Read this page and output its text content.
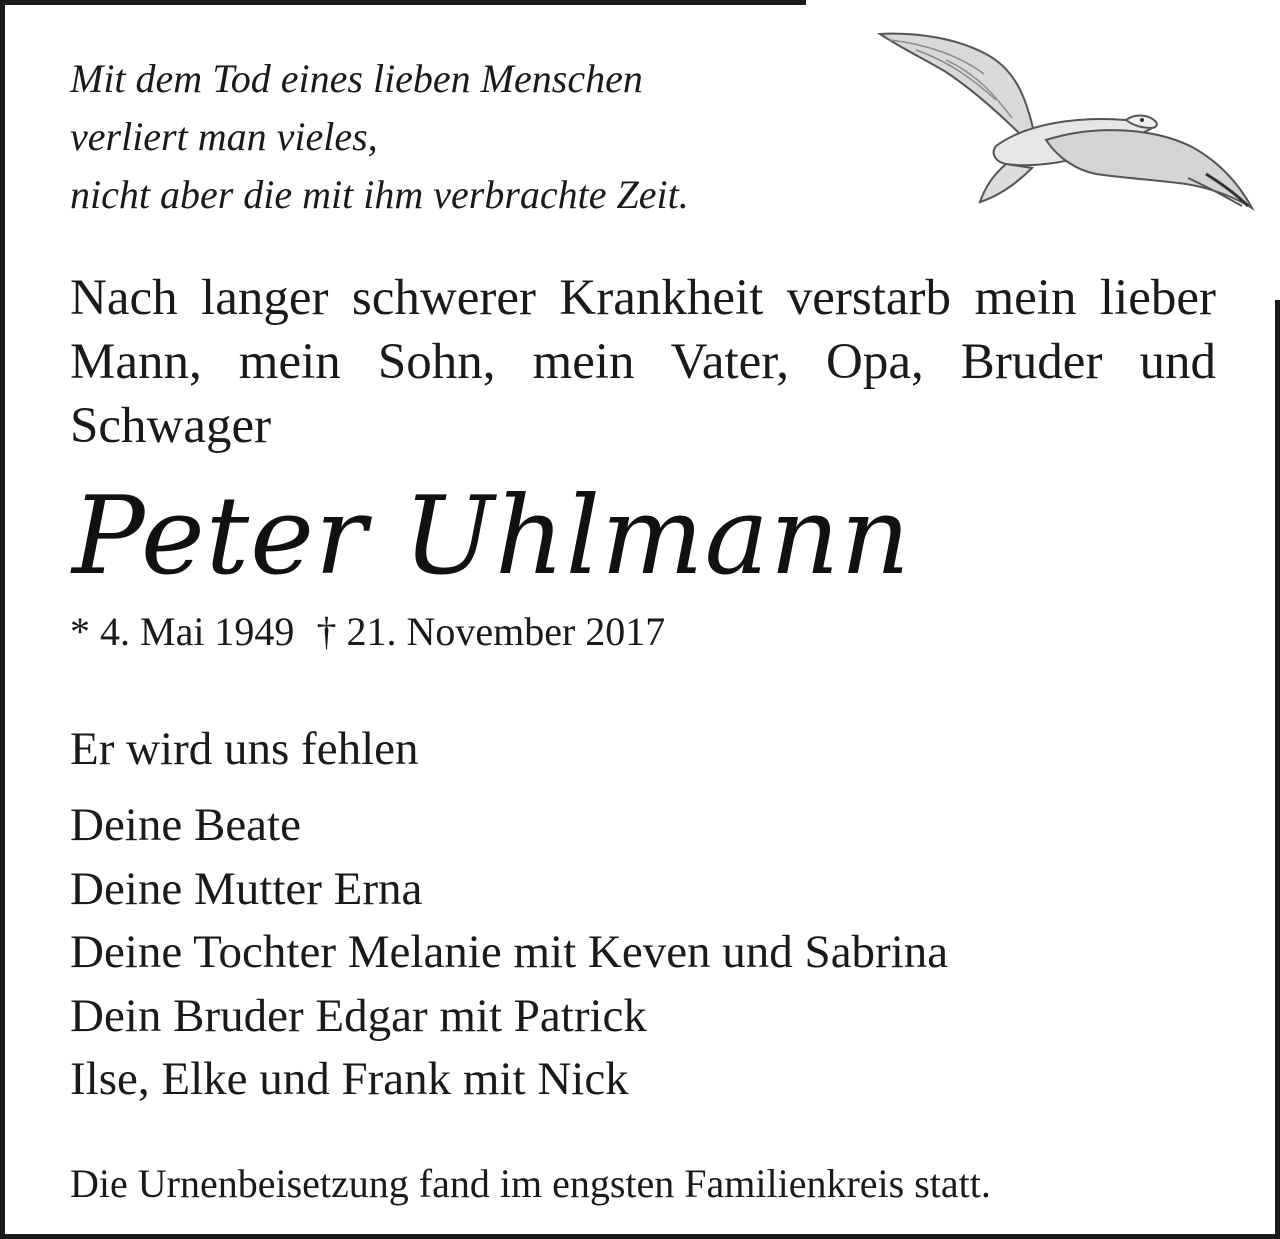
Mit dem Tod eines lieben Menschen
verliert man vieles,
nicht aber die mit ihm verbrachte Zeit.
Nach langer schwerer Krankheit verstarb mein lieber Mann, mein Sohn, mein Vater, Opa, Bruder und Schwager
Peter Uhlmann
* 4. Mai 1949 † 21. November 2017
Er wird uns fehlen
Deine Beate
Deine Mutter Erna
Deine Tochter Melanie mit Keven und Sabrina
Dein Bruder Edgar mit Patrick
Ilse, Elke und Frank mit Nick
Die Urnenbeisetzung fand im engsten Familienkreis statt.
